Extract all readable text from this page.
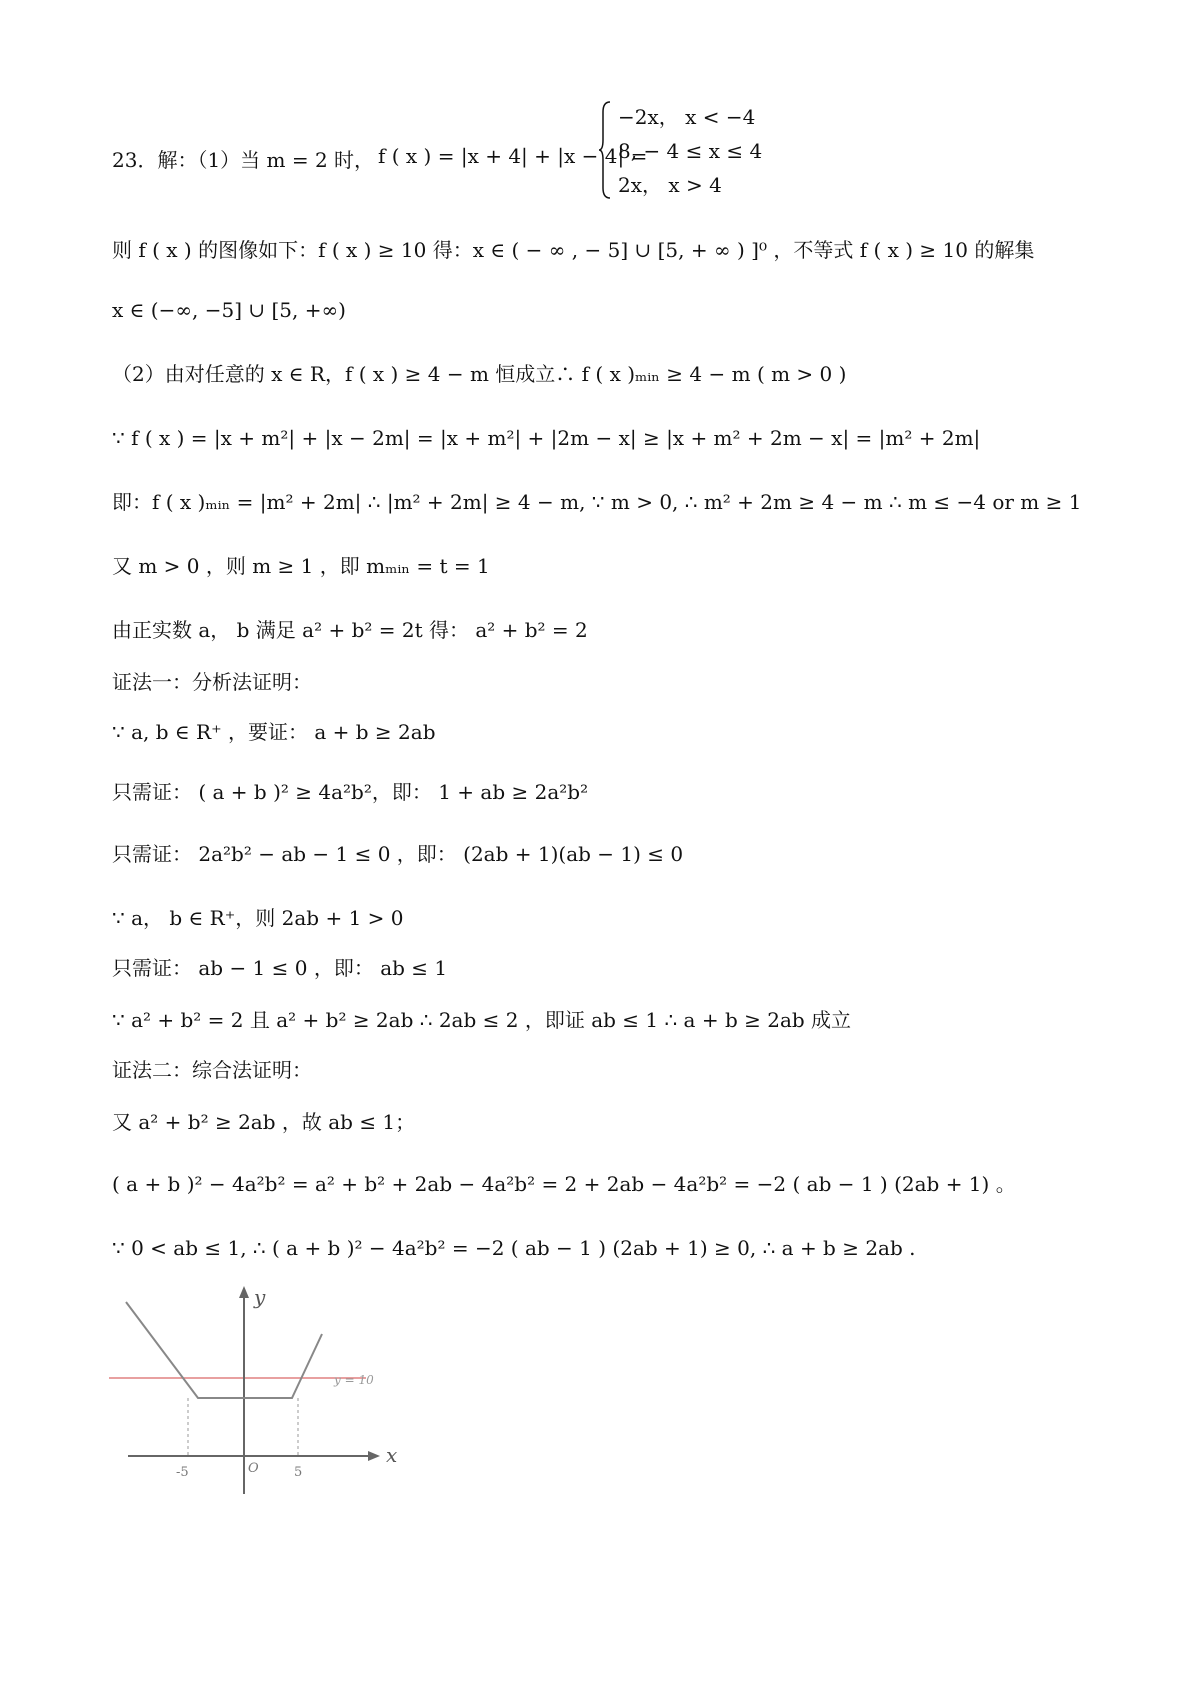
23．解：（1）当 m = 2 时， f ( x ) = |x + 4| + |x − 4| =
−2x， x < −4
8, − 4 ≤ x ≤ 4
2x， x > 4
则 f ( x ) 的图像如下：f ( x ) ≥ 10 得：x ∈ ( − ∞ , − 5] ∪ [5, + ∞ ) ]⁰ ，不等式 f ( x ) ≥ 10 的解集
x ∈ (−∞, −5] ∪ [5, +∞)
（2）由对任意的 x ∈ R，f ( x ) ≥ 4 − m 恒成立∴ f ( x )ₘᵢₙ ≥ 4 − m ( m > 0 )
∵ f ( x ) = |x + m²| + |x − 2m| = |x + m²| + |2m − x| ≥ |x + m² + 2m − x| = |m² + 2m|
即：f ( x )ₘᵢₙ = |m² + 2m| ∴ |m² + 2m| ≥ 4 − m, ∵ m > 0, ∴ m² + 2m ≥ 4 − m ∴ m ≤ −4 or m ≥ 1
又 m > 0 ，则 m ≥ 1 ，即 mₘᵢₙ = t = 1
由正实数 a， b 满足 a² + b² = 2t 得： a² + b² = 2
证法一：分析法证明：
∵ a, b ∈ R⁺ ，要证： a + b ≥ 2ab
只需证： ( a + b )² ≥ 4a²b²，即： 1 + ab ≥ 2a²b²
只需证： 2a²b² − ab − 1 ≤ 0 ，即： (2ab + 1)(ab − 1) ≤ 0
∵ a， b ∈ R⁺，则 2ab + 1 > 0
只需证： ab − 1 ≤ 0 ，即： ab ≤ 1
∵ a² + b² = 2 且 a² + b² ≥ 2ab ∴ 2ab ≤ 2 ，即证 ab ≤ 1 ∴ a + b ≥ 2ab 成立
证法二：综合法证明：
又 a² + b² ≥ 2ab ，故 ab ≤ 1；
( a + b )² − 4a²b² = a² + b² + 2ab − 4a²b² = 2 + 2ab − 4a²b² = −2 ( ab − 1 ) (2ab + 1) 。
∵ 0 < ab ≤ 1, ∴ ( a + b )² − 4a²b² = −2 ( ab − 1 ) (2ab + 1) ≥ 0, ∴ a + b ≥ 2ab .
y
x
y = 10
O
-5	5
